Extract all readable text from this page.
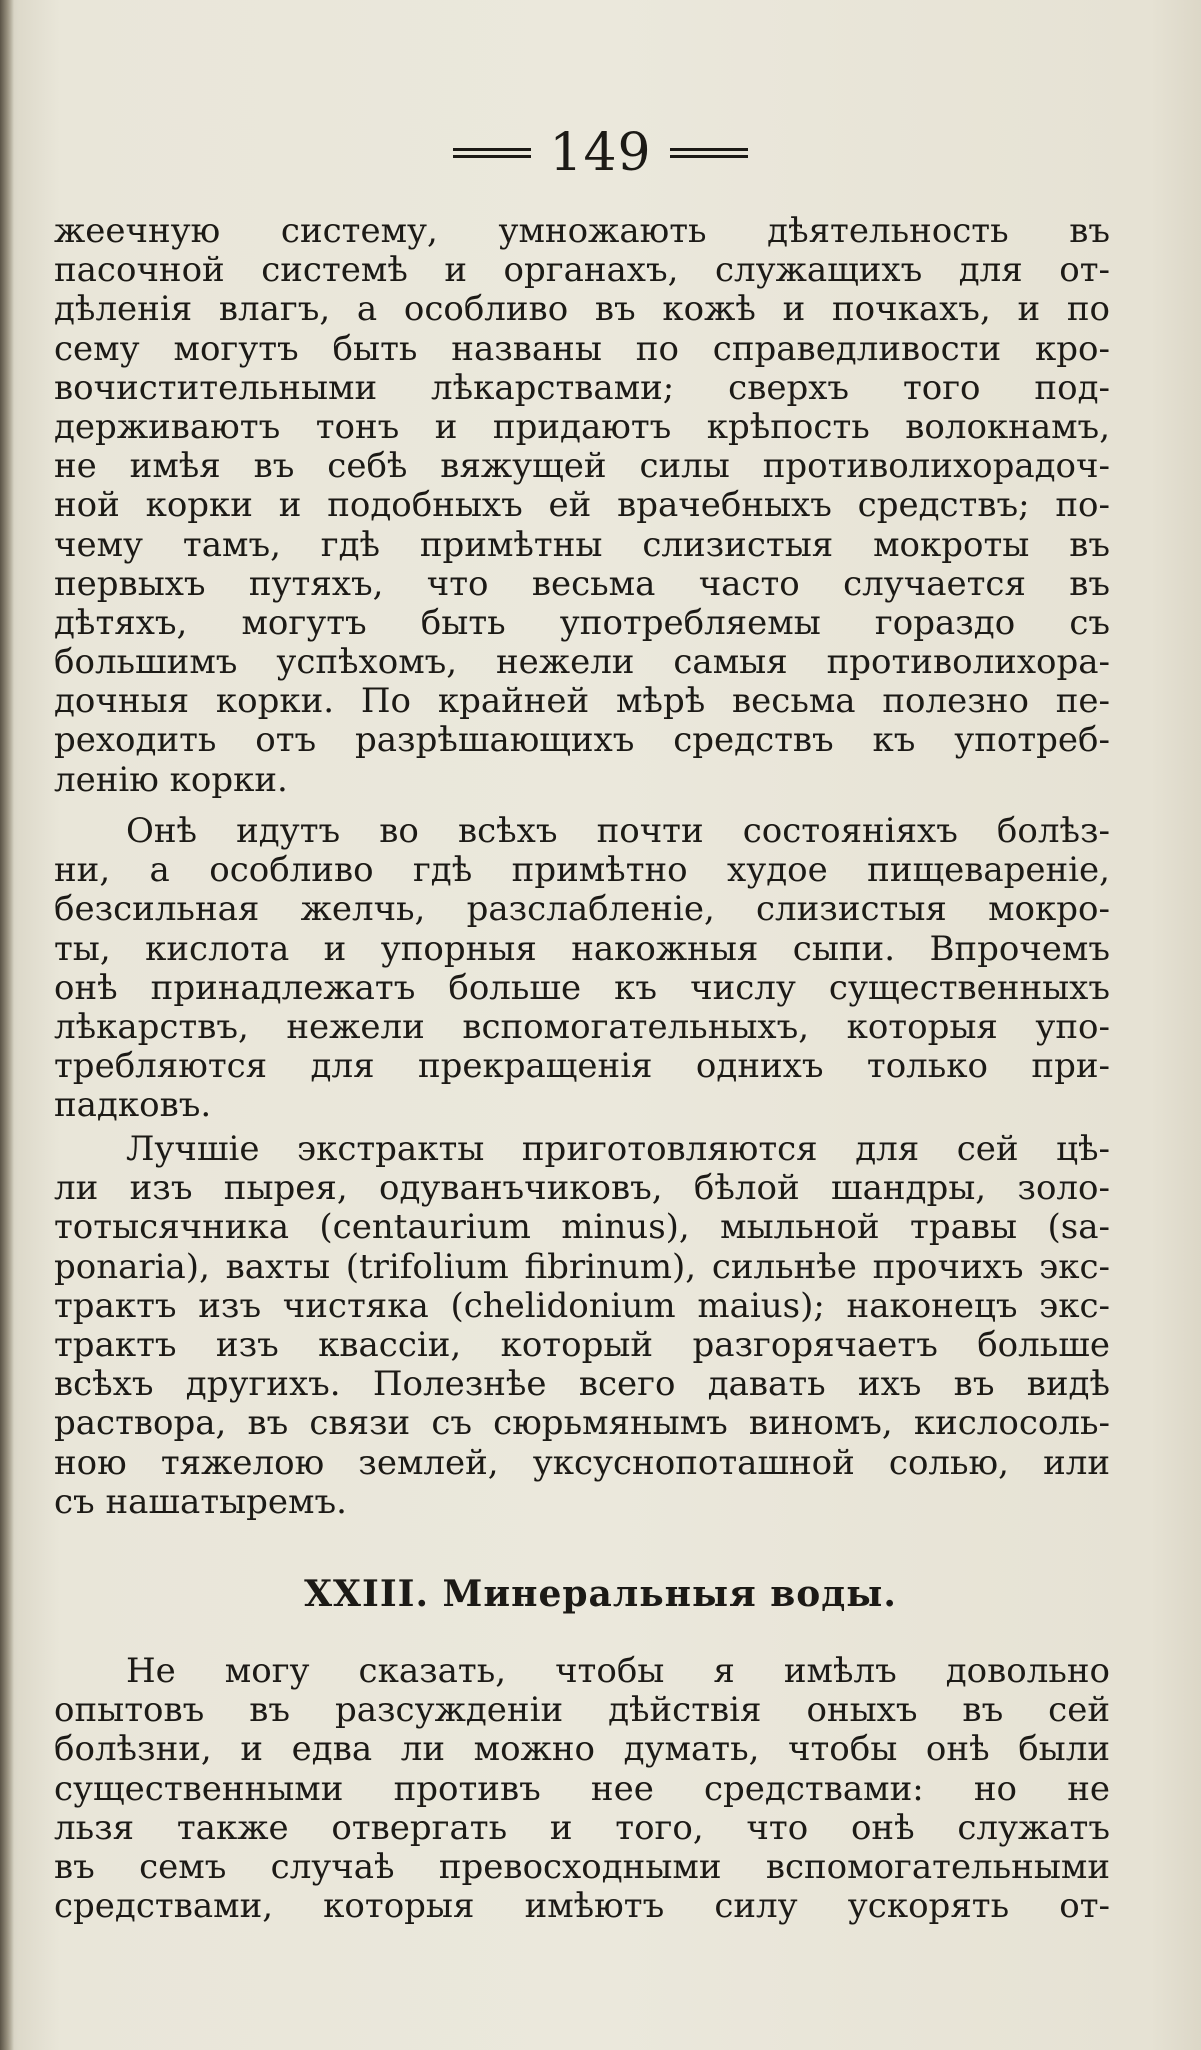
149
жеечную систему, умножають дѣятельность въ
пасочной системѣ и органахъ, служащихъ для от-
дѣленія влагъ, а особливо въ кожѣ и почкахъ, и по
сему могутъ быть названы по справедливости кро-
вочистительными лѣкарствами; сверхъ того под-
держиваютъ тонъ и придаютъ крѣпость волокнамъ,
не имѣя въ себѣ вяжущей силы противолихорадоч-
ной корки и подобныхъ ей врачебныхъ средствъ; по-
чему тамъ, гдѣ примѣтны слизистыя мокроты въ
первыхъ путяхъ, что весьма часто случается въ
дѣтяхъ, могутъ быть употребляемы гораздо съ
большимъ успѣхомъ, нежели самыя противолихора-
дочныя корки. По крайней мѣрѣ весьма полезно пе-
реходить отъ разрѣшающихъ средствъ къ употреб-
ленію корки.
Онѣ идутъ во всѣхъ почти состояніяхъ болѣз-
ни, а особливо гдѣ примѣтно худое пищевареніе,
безсильная желчь, разслабленіе, слизистыя мокро-
ты, кислота и упорныя накожныя сыпи. Впрочемъ
онѣ принадлежатъ больше къ числу существенныхъ
лѣкарствъ, нежели вспомогательныхъ, которыя упо-
требляются для прекращенія однихъ только при-
падковъ.
Лучшіе экстракты приготовляются для сей цѣ-
ли изъ пырея, одуванъчиковъ, бѣлой шандры, золо-
тотысячника (centaurium minus), мыльной травы (sa-
ponaria), вахты (trifolium fibrinum), сильнѣе прочихъ экс-
трактъ изъ чистяка (chelidonium maius); наконецъ экс-
трактъ изъ квассіи, который разгорячаетъ больше
всѣхъ другихъ. Полезнѣе всего давать ихъ въ видѣ
раствора, въ связи съ сюрьмянымъ виномъ, кислосоль-
ною тяжелою землей, уксуснопоташной солью, или
съ нашатыремъ.
XXIII. Минеральныя воды.
Не могу сказать, чтобы я имѣлъ довольно
опытовъ въ разсужденіи дѣйствія оныхъ въ сей
болѣзни, и едва ли можно думать, чтобы онѣ были
существенными противъ нее средствами: но не
льзя также отвергать и того, что онѣ служатъ
въ семъ случаѣ превосходными вспомогательными
средствами, которыя имѣютъ силу ускорять от-
